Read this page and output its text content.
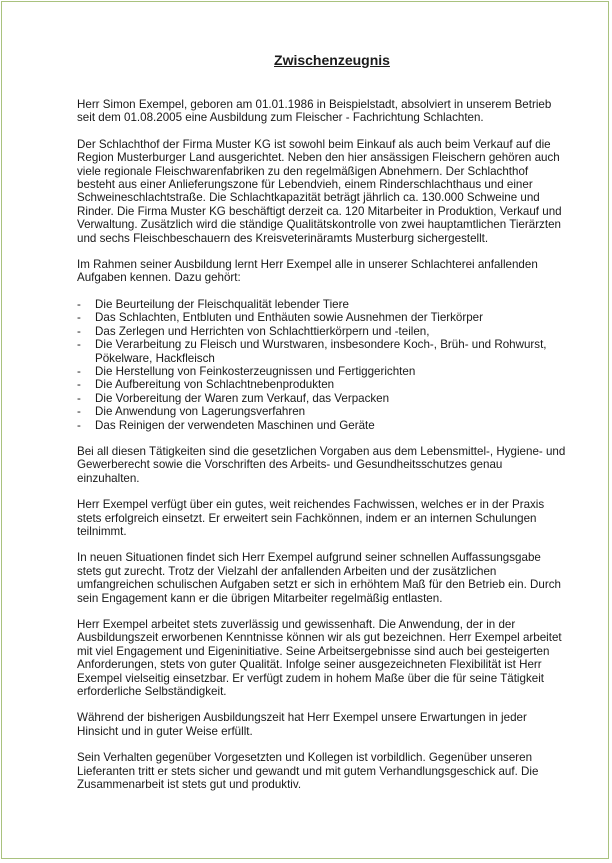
Zwischenzeugnis

Herr Simon Exempel, geboren am 01.01.1986 in Beispielstadt, absolviert in unserem Betrieb seit dem 01.08.2005 eine Ausbildung zum Fleischer - Fachrichtung Schlachten.

Der Schlachthof der Firma Muster KG ist sowohl beim Einkauf als auch beim Verkauf auf die Region Musterburger Land ausgerichtet. Neben den hier ansässigen Fleischern gehören auch viele regionale Fleischwarenfabriken zu den regelmäßigen Abnehmern. Der Schlachthof besteht aus einer Anlieferungszone für Lebendvieh, einem Rinderschlachthaus und einer Schweineschlachtstraße. Die Schlachtkapazität beträgt jährlich ca. 130.000 Schweine und Rinder. Die Firma Muster KG beschäftigt derzeit ca. 120 Mitarbeiter in Produktion, Verkauf und Verwaltung. Zusätzlich wird die ständige Qualitätskontrolle von zwei hauptamtlichen Tierärzten und sechs Fleischbeschauern des Kreisveterinäramts Musterburg sichergestellt.

Im Rahmen seiner Ausbildung lernt Herr Exempel alle in unserer Schlachterei anfallenden Aufgaben kennen. Dazu gehört:

- Die Beurteilung der Fleischqualität lebender Tiere
- Das Schlachten, Entbluten und Enthäuten sowie Ausnehmen der Tierkörper
- Das Zerlegen und Herrichten von Schlachttierkörpern und -teilen,
- Die Verarbeitung zu Fleisch und Wurstwaren, insbesondere Koch-, Brüh- und Rohwurst, Pökelware, Hackfleisch
- Die Herstellung von Feinkosterzeugnissen und Fertiggerichten
- Die Aufbereitung von Schlachtnebenprodukten
- Die Vorbereitung der Waren zum Verkauf, das Verpacken
- Die Anwendung von Lagerungsverfahren
- Das Reinigen der verwendeten Maschinen und Geräte

Bei all diesen Tätigkeiten sind die gesetzlichen Vorgaben aus dem Lebensmittel-, Hygiene- und Gewerberecht sowie die Vorschriften des Arbeits- und Gesundheitsschutzes genau einzuhalten.

Herr Exempel verfügt über ein gutes, weit reichendes Fachwissen, welches er in der Praxis stets erfolgreich einsetzt. Er erweitert sein Fachkönnen, indem er an internen Schulungen teilnimmt.

In neuen Situationen findet sich Herr Exempel aufgrund seiner schnellen Auffassungsgabe stets gut zurecht. Trotz der Vielzahl der anfallenden Arbeiten und der zusätzlichen umfangreichen schulischen Aufgaben setzt er sich in erhöhtem Maß für den Betrieb ein. Durch sein Engagement kann er die übrigen Mitarbeiter regelmäßig entlasten.

Herr Exempel arbeitet stets zuverlässig und gewissenhaft. Die Anwendung, der in der Ausbildungszeit erworbenen Kenntnisse können wir als gut bezeichnen. Herr Exempel arbeitet mit viel Engagement und Eigeninitiative. Seine Arbeitsergebnisse sind auch bei gesteigerten Anforderungen, stets von guter Qualität. Infolge seiner ausgezeichneten Flexibilität ist Herr Exempel vielseitig einsetzbar. Er verfügt zudem in hohem Maße über die für seine Tätigkeit erforderliche Selbständigkeit.

Während der bisherigen Ausbildungszeit hat Herr Exempel unsere Erwartungen in jeder Hinsicht und in guter Weise erfüllt.

Sein Verhalten gegenüber Vorgesetzten und Kollegen ist vorbildlich. Gegenüber unseren Lieferanten tritt er stets sicher und gewandt und mit gutem Verhandlungsgeschick auf. Die Zusammenarbeit ist stets gut und produktiv.
